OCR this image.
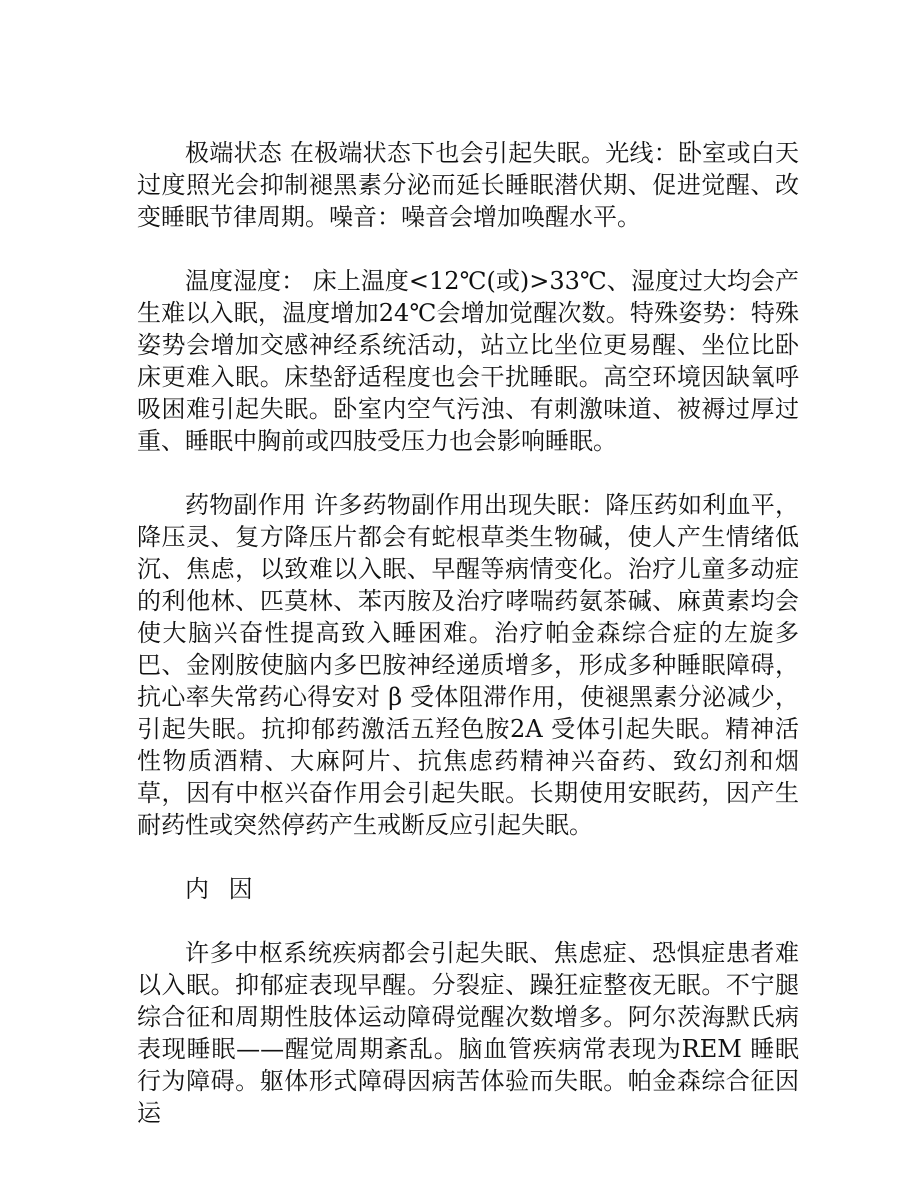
极端状态 在极端状态下也会引起失眠。光线：卧室或白天过度照光会抑制褪黑素分泌而延长睡眠潜伏期、促进觉醒、改变睡眠节律周期。噪音：噪音会增加唤醒水平。

温度湿度： 床上温度<12℃(或)>33℃、湿度过大均会产生难以入眠，温度增加24℃会增加觉醒次数。特殊姿势：特殊姿势会增加交感神经系统活动，站立比坐位更易醒、坐位比卧床更难入眠。床垫舒适程度也会干扰睡眠。高空环境因缺氧呼吸困难引起失眠。卧室内空气污浊、有刺激味道、被褥过厚过重、睡眠中胸前或四肢受压力也会影响睡眠。

药物副作用 许多药物副作用出现失眠：降压药如利血平，降压灵、复方降压片都会有蛇根草类生物碱，使人产生情绪低沉、焦虑，以致难以入眠、早醒等病情变化。治疗儿童多动症的利他林、匹莫林、苯丙胺及治疗哮喘药氨茶碱、麻黄素均会使大脑兴奋性提高致入睡困难。治疗帕金森综合症的左旋多巴、金刚胺使脑内多巴胺神经递质增多，形成多种睡眠障碍，抗心率失常药心得安对 β 受体阻滞作用，使褪黑素分泌减少，引起失眠。抗抑郁药激活五羟色胺2A 受体引起失眠。精神活性物质酒精、大麻阿片、抗焦虑药精神兴奋药、致幻剂和烟草，因有中枢兴奋作用会引起失眠。长期使用安眠药，因产生耐药性或突然停药产生戒断反应引起失眠。

内 因

许多中枢系统疾病都会引起失眠、焦虑症、恐惧症患者难以入眠。抑郁症表现早醒。分裂症、躁狂症整夜无眠。不宁腿综合征和周期性肢体运动障碍觉醒次数增多。阿尔茨海默氏病表现睡眠——醒觉周期紊乱。脑血管疾病常表现为REM 睡眠行为障碍。躯体形式障碍因病苦体验而失眠。帕金森综合征因运
